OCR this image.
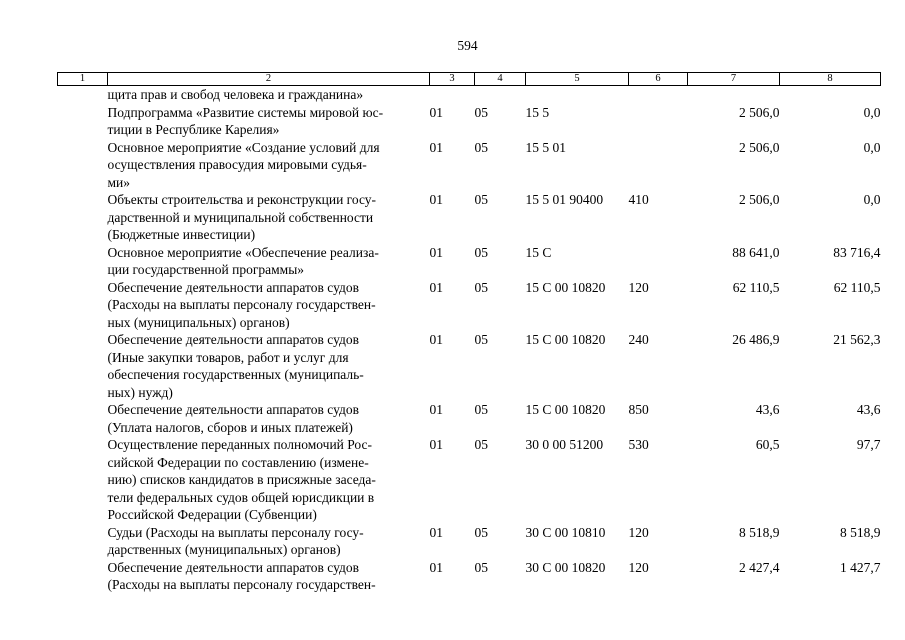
594
1	2	3	4	5	6	7	8
	щита прав и свобод человека и гражданина»						
	Подпрограмма «Развитие системы мировой юс-
тиции в Республике Карелия»	01	05	15 5		2 506,0	0,0
	Основное мероприятие «Создание условий для
осуществления правосудия мировыми судья-
ми»	01	05	15 5 01		2 506,0	0,0
	Объекты строительства и реконструкции госу-
дарственной и муниципальной собственности
(Бюджетные инвестиции)	01	05	15 5 01 90400	410	2 506,0	0,0
	Основное мероприятие «Обеспечение реализа-
ции государственной программы»	01	05	15 С		88 641,0	83 716,4
	Обеспечение деятельности аппаратов судов
(Расходы на выплаты персоналу государствен-
ных (муниципальных) органов)	01	05	15 С 00 10820	120	62 110,5	62 110,5
	Обеспечение деятельности аппаратов судов
(Иные закупки товаров, работ и услуг для
обеспечения государственных (муниципаль-
ных) нужд)	01	05	15 С 00 10820	240	26 486,9	21 562,3
	Обеспечение деятельности аппаратов судов
(Уплата налогов, сборов и иных платежей)	01	05	15 С 00 10820	850	43,6	43,6
	Осуществление переданных полномочий Рос-
сийской Федерации по составлению (измене-
нию) списков кандидатов в присяжные заседа-
тели федеральных судов общей юрисдикции в
Российской Федерации (Субвенции)	01	05	30 0 00 51200	530	60,5	97,7
	Судьи (Расходы на выплаты персоналу госу-
дарственных (муниципальных) органов)	01	05	30 С 00 10810	120	8 518,9	8 518,9
	Обеспечение деятельности аппаратов судов
(Расходы на выплаты персоналу государствен-	01	05	30 С 00 10820	120	2 427,4	1 427,7
